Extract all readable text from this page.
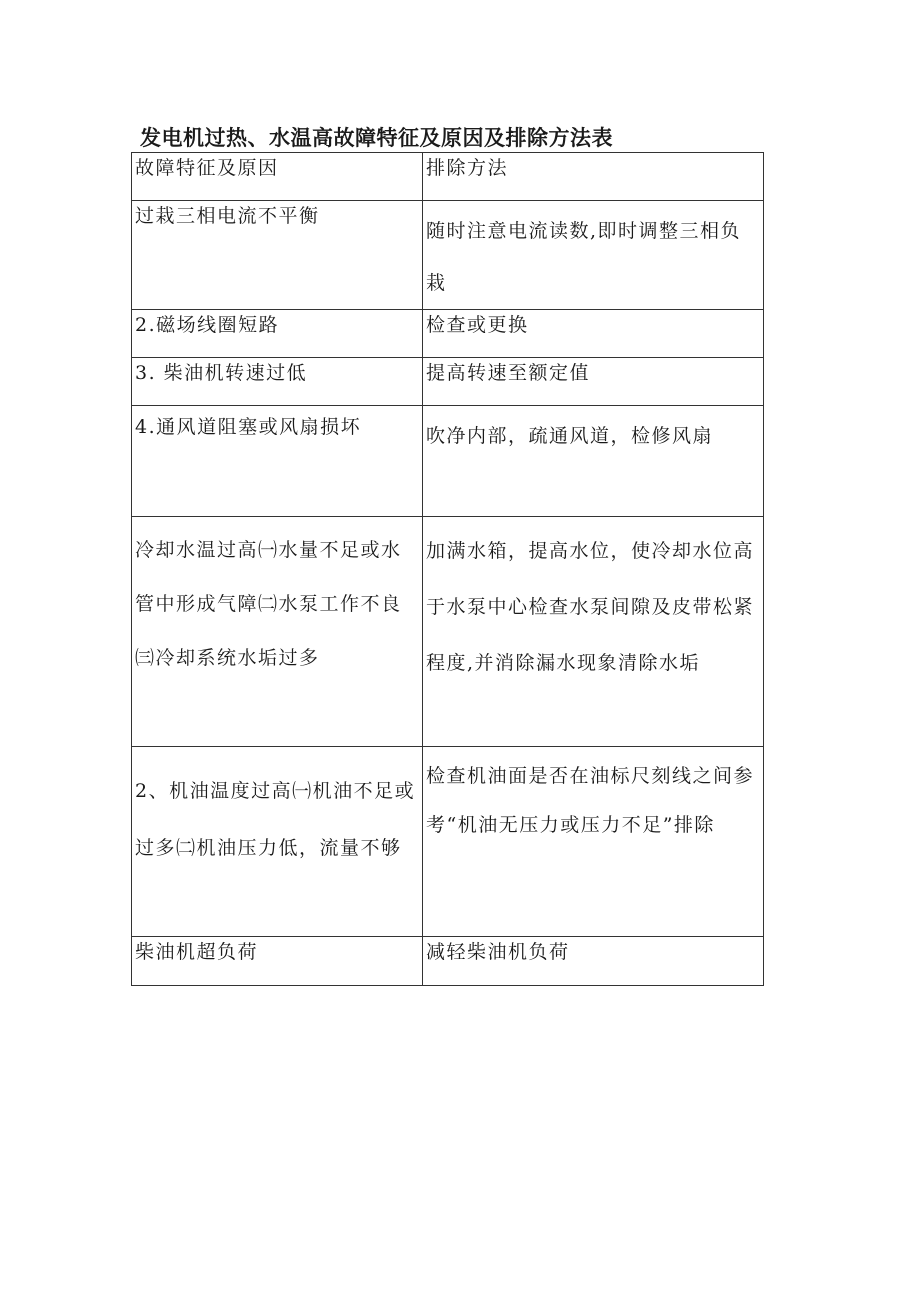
发电机过热、水温高故障特征及原因及排除方法表
故障特征及原因	排除方法

过栽三相电流不平衡	随时注意电流读数,即时调整三相负栽

2.磁场线圈短路	检查或更换

3. 柴油机转速过低	提高转速至额定值

4.通风道阻塞或风扇损坏	吹净内部，疏通风道，检修风扇

冷却水温过高㈠水量不足或水管中形成气障㈡水泵工作不良㈢冷却系统水垢过多	加满水箱，提高水位，使冷却水位高于水泵中心检查水泵间隙及皮带松紧程度,并消除漏水现象清除水垢

2、机油温度过高㈠机油不足或过多㈡机油压力低，流量不够	检查机油面是否在油标尺刻线之间参考“机油无压力或压力不足”排除

柴油机超负荷	减轻柴油机负荷
